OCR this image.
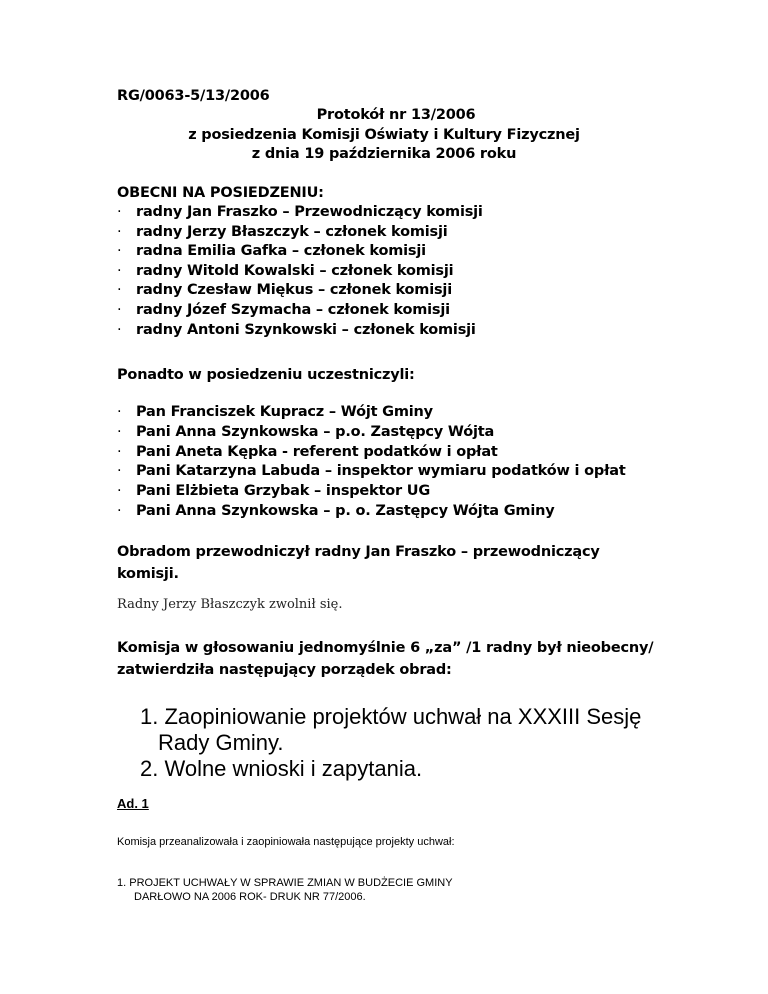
RG/0063-5/13/2006
Protokół nr 13/2006
z posiedzenia Komisji Oświaty i Kultury Fizycznej
z dnia 19 października 2006 roku
OBECNI NA POSIEDZENIU:
· radny Jan Fraszko – Przewodniczący komisji
· radny Jerzy Błaszczyk – członek komisji
· radna Emilia Gafka – członek komisji
· radny Witold Kowalski – członek komisji
· radny Czesław Miękus – członek komisji
· radny Józef Szymacha – członek komisji
· radny Antoni Szynkowski – członek komisji
Ponadto w posiedzeniu uczestniczyli:
· Pan Franciszek Kupracz – Wójt Gminy
· Pani Anna Szynkowska – p.o. Zastępcy Wójta
· Pani Aneta Kępka - referent podatków i opłat
· Pani Katarzyna Labuda – inspektor wymiaru podatków i opłat
· Pani Elżbieta Grzybak – inspektor UG
· Pani Anna Szynkowska – p. o. Zastępcy Wójta Gminy
Obradom przewodniczył radny Jan Fraszko – przewodniczący
komisji.
Radny Jerzy Błaszczyk zwolnił się.
Komisja w głosowaniu jednomyślnie 6 „za” /1 radny był nieobecny/
zatwierdziła następujący porządek obrad:
1. Zaopiniowanie projektów uchwał na XXXIII Sesję
Rady Gminy.
2. Wolne wnioski i zapytania.
Ad. 1
Komisja przeanalizowała i zaopiniowała następujące projekty uchwał:
1. PROJEKT UCHWAŁY W SPRAWIE ZMIAN W BUDŻECIE GMINY
DARŁOWO NA 2006 ROK- DRUK NR 77/2006.
